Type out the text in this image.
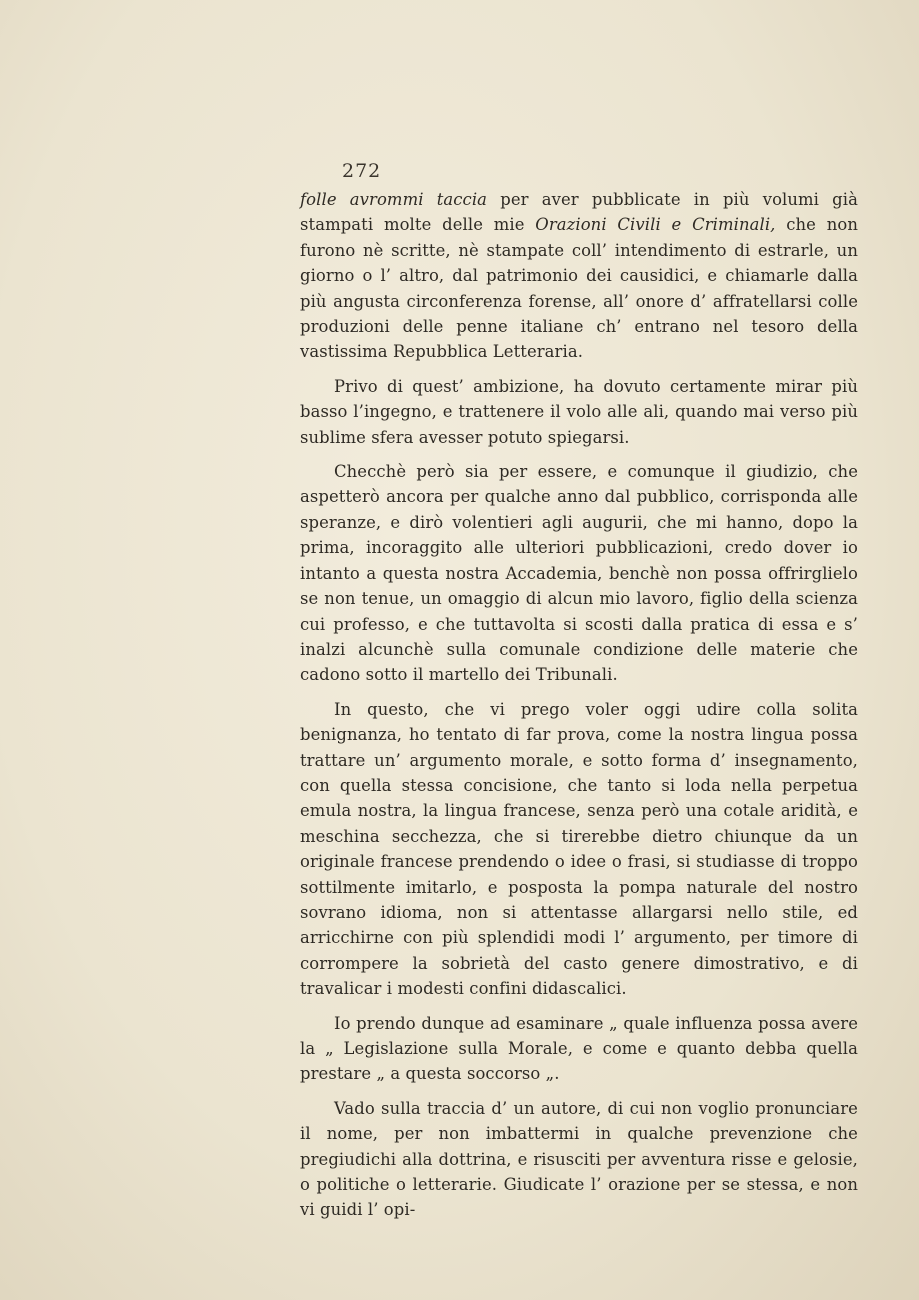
272

folle avrommi taccia per aver pubblicate in più volumi già stampati molte delle mie Orazioni Civili e Criminali, che non furono nè scritte, nè stampate coll’ intendimento di estrarle, un giorno o l’ altro, dal patrimonio dei causidici, e chiamarle dalla più angusta circonferenza forense, all’ onore d’ affratellarsi colle produzioni delle penne italiane ch’ entrano nel tesoro della vastissima Repubblica Letteraria.

Privo di quest’ ambizione, ha dovuto certamente mirar più basso l’ingegno, e trattenere il volo alle ali, quando mai verso più sublime sfera avesser potuto spiegarsi.

Checchè però sia per essere, e comunque il giudizio, che aspetterò ancora per qualche anno dal pubblico, corrisponda alle speranze, e dirò volentieri agli augurii, che mi hanno, dopo la prima, incoraggito alle ulteriori pubblicazioni, credo dover io intanto a questa nostra Accademia, benchè non possa offrirglielo se non tenue, un omaggio di alcun mio lavoro, figlio della scienza cui professo, e che tuttavolta si scosti dalla pratica di essa e s’ inalzi alcunchè sulla comunale condizione delle materie che cadono sotto il martello dei Tribunali.

In questo, che vi prego voler oggi udire colla solita benignanza, ho tentato di far prova, come la nostra lingua possa trattare un’ argumento morale, e sotto forma d’ insegnamento, con quella stessa concisione, che tanto si loda nella perpetua emula nostra, la lingua francese, senza però una cotale aridità, e meschina secchezza, che si tirerebbe dietro chiunque da un originale francese prendendo o idee o frasi, si studiasse di troppo sottilmente imitarlo, e posposta la pompa naturale del nostro sovrano idioma, non si attentasse allargarsi nello stile, ed arricchirne con più splendidi modi l’ argumento, per timore di corrompere la sobrietà del casto genere dimostrativo, e di travalicar i modesti confini didascalici.

Io prendo dunque ad esaminare „ quale influenza possa avere la „ Legislazione sulla Morale, e come e quanto debba quella prestare „ a questa soccorso „.

Vado sulla traccia d’ un autore, di cui non voglio pronunciare il nome, per non imbattermi in qualche prevenzione che pregiudichi alla dottrina, e risusciti per avventura risse e gelosie, o politiche o letterarie. Giudicate l’ orazione per se stessa, e non vi guidi l’ opi-
